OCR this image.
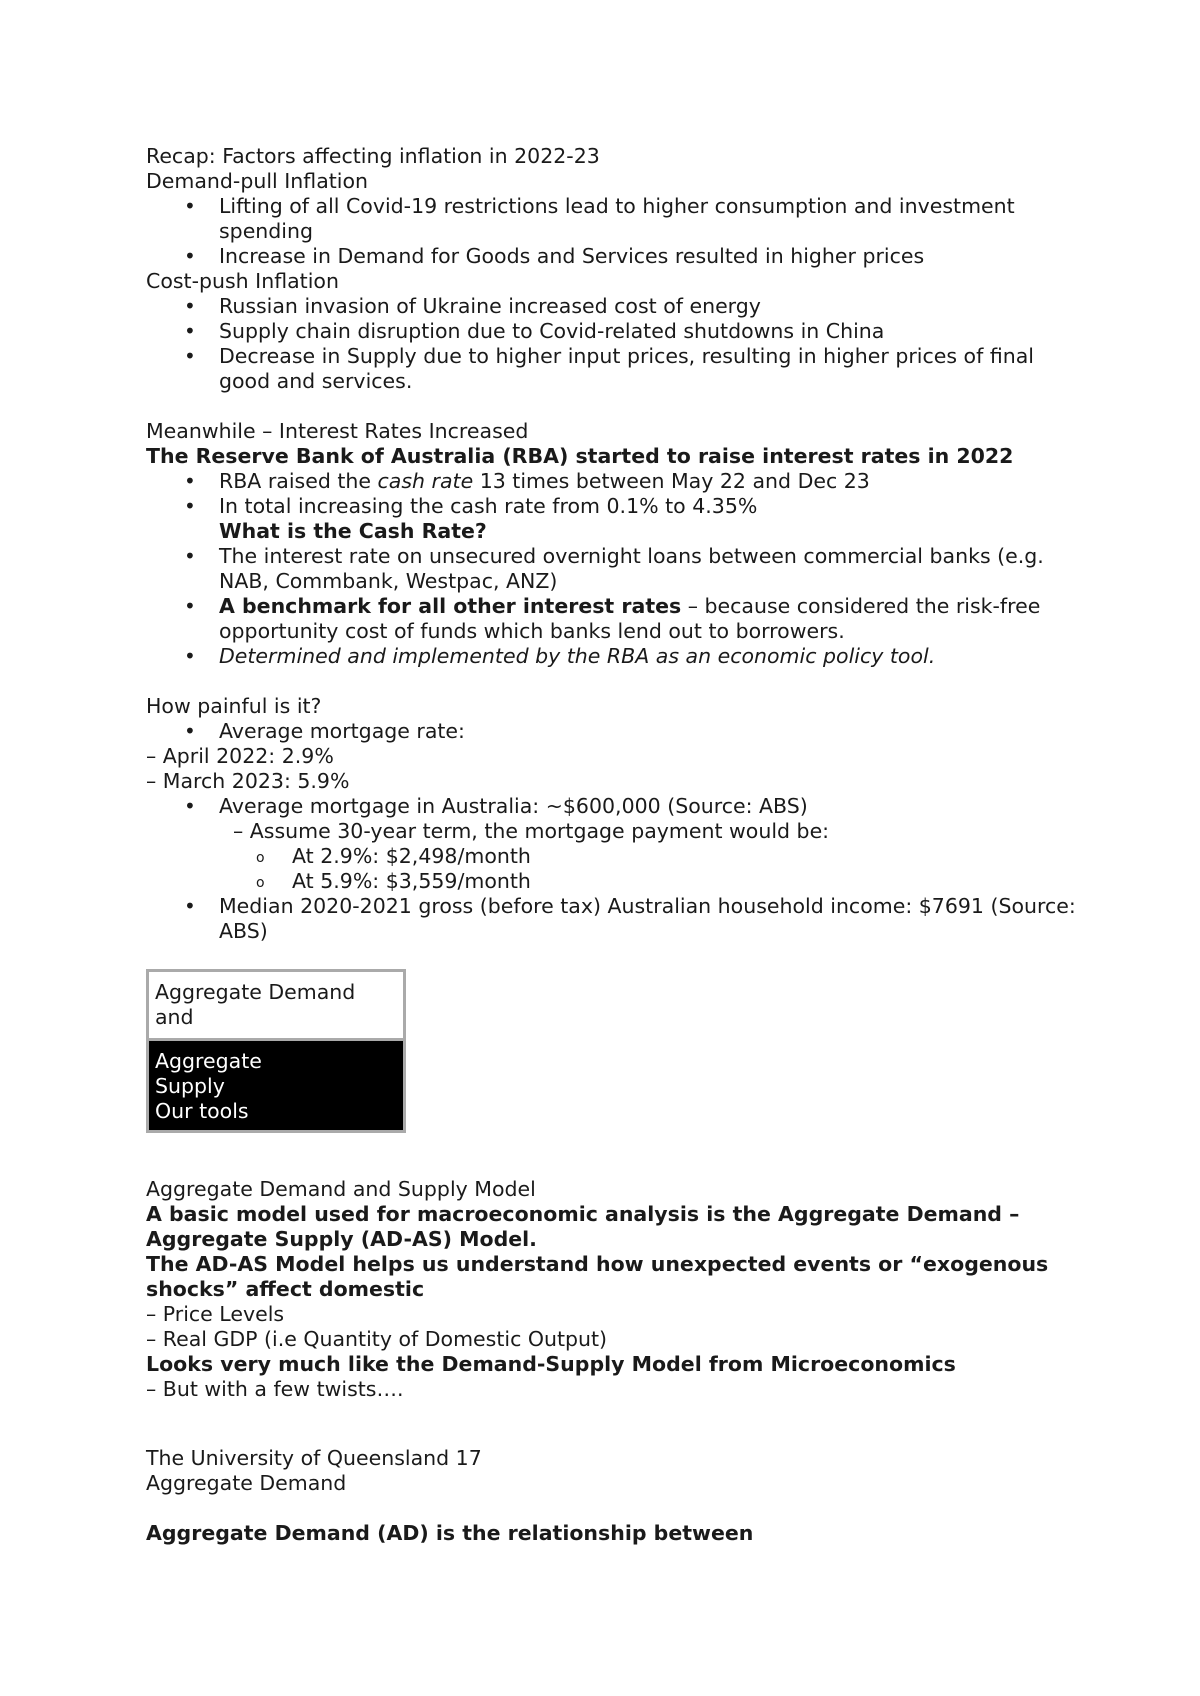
Recap: Factors affecting inflation in 2022-23

Demand-pull Inflation

• Lifting of all Covid-19 restrictions lead to higher consumption and investment spending
• Increase in Demand for Goods and Services resulted in higher prices

Cost-push Inflation

• Russian invasion of Ukraine increased cost of energy
• Supply chain disruption due to Covid-related shutdowns in China
• Decrease in Supply due to higher input prices, resulting in higher prices of final good and services.

Meanwhile – Interest Rates Increased

The Reserve Bank of Australia (RBA) started to raise interest rates in 2022

• RBA raised the cash rate 13 times between May 22 and Dec 23
• In total increasing the cash rate from 0.1% to 4.35%
What is the Cash Rate?
• The interest rate on unsecured overnight loans between commercial banks (e.g. NAB, Commbank, Westpac, ANZ)
• A benchmark for all other interest rates – because considered the risk-free opportunity cost of funds which banks lend out to borrowers.
• Determined and implemented by the RBA as an economic policy tool.

How painful is it?

• Average mortgage rate:

– April 2022: 2.9%

– March 2023: 5.9%

• Average mortgage in Australia: ~$600,000 (Source: ABS)
– Assume 30-year term, the mortgage payment would be:
o At 2.9%: $2,498/month
o At 5.9%: $3,559/month
• Median 2020-2021 gross (before tax) Australian household income: $7691 (Source: ABS)

Aggregate Demand

and

Aggregate

Supply

Our tools

Aggregate Demand and Supply Model

A basic model used for macroeconomic analysis is the Aggregate Demand – Aggregate Supply (AD-AS) Model.

The AD-AS Model helps us understand how unexpected events or “exogenous shocks” affect domestic

– Price Levels

– Real GDP (i.e Quantity of Domestic Output)

Looks very much like the Demand-Supply Model from Microeconomics

– But with a few twists….

The University of Queensland 17

Aggregate Demand

Aggregate Demand (AD) is the relationship between
